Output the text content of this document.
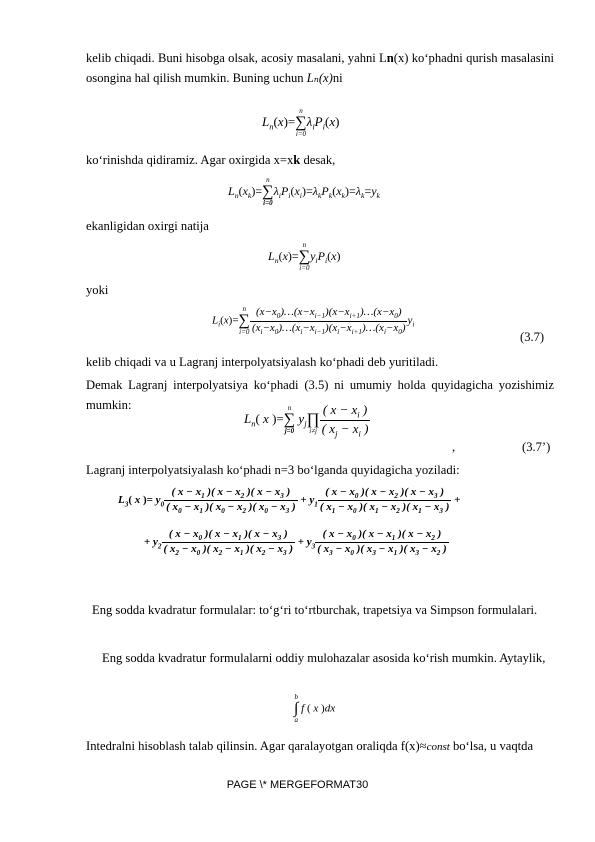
kelib chiqadi. Buni hisobga olsak, acosiy masalani, yahni Ln(x) ko‘phadni qurish masalasini osongina hal qilish mumkin. Buning uchun Lₙ(x)ni
$L_n(x)=$
n
∑
i=0
$\lambda_iP_i(x)$
ko‘rinishda qidiramiz. Agar oxirgida x=xk desak,
$L_n(x_k)=$
n
∑
i=0
$\lambda_iP_i(x_i)=\lambda_kP_k(x_k)=\lambda_k=y_k$
ekanligidan oxirgi natija
$L_n(x)=$
n
∑
i=0
$y_iP_i(x)$
yoki
$L_i(x)=$
n
∑
$i=0 \frac{(x-x_0)\dots(x-x_{i-1})(x-x_{i+1})\dots(x-x_0)}{(x_i-x_0)\dots(x_i-x_{i-1})(x_i-x_{i+1})\dots(x_i-x_0)} y_i$
(3.7)
kelib chiqadi va u Lagranj interpolyatsiyalash ko‘phadi deb yuritiladi.
Demak Lagranj interpolyatsiya ko‘phadi (3.5) ni umumiy holda quyidagicha yozishimiz mumkin:
$L_n$( x )=
n
∑
j=0
$y_j$
∏
$i\ne j \frac{( x - x_i )}{( x_j - x_i )}$
,	(3.7’)
Lagranj interpolyatsiyalash ko‘phadi n=3 bo‘lganda quyidagicha yoziladi:
$L_3$( x )= $y_0 \frac{( x - x_1 )( x - x_2 )( x - x_3 )}{( x_0 - x_1 )( x_0 - x_2 )( x_0 - x_3 )} + y_1 \frac{( x - x_0 )( x - x_2 )( x - x_3 )}{( x_1 - x_0 )( x_1 - x_2 )( x_1 - x_3 )}$ +
+ $y_2 \frac{( x - x_0 )( x - x_1 )( x - x_3 )}{( x_2 - x_0 )( x_2 - x_1 )( x_2 - x_3 )} + y_3 \frac{( x - x_0 )( x - x_1 )( x - x_2 )}{( x_3 - x_0 )( x_3 - x_1 )( x_3 - x_2 )}$
Eng sodda kvadratur formulalar: to‘g‘ri to‘rtburchak, trapetsiya va Simpson formulalari.
Eng sodda kvadratur formulalarni oddiy mulohazalar asosida ko‘rish mumkin. Aytaylik,
b
∫
a
f ( x )dx
Intedralni hisoblash talab qilinsin. Agar qaralayotgan oraliqda f(x)≈const bo‘lsa, u vaqtda
PAGE \* MERGEFORMAT30
